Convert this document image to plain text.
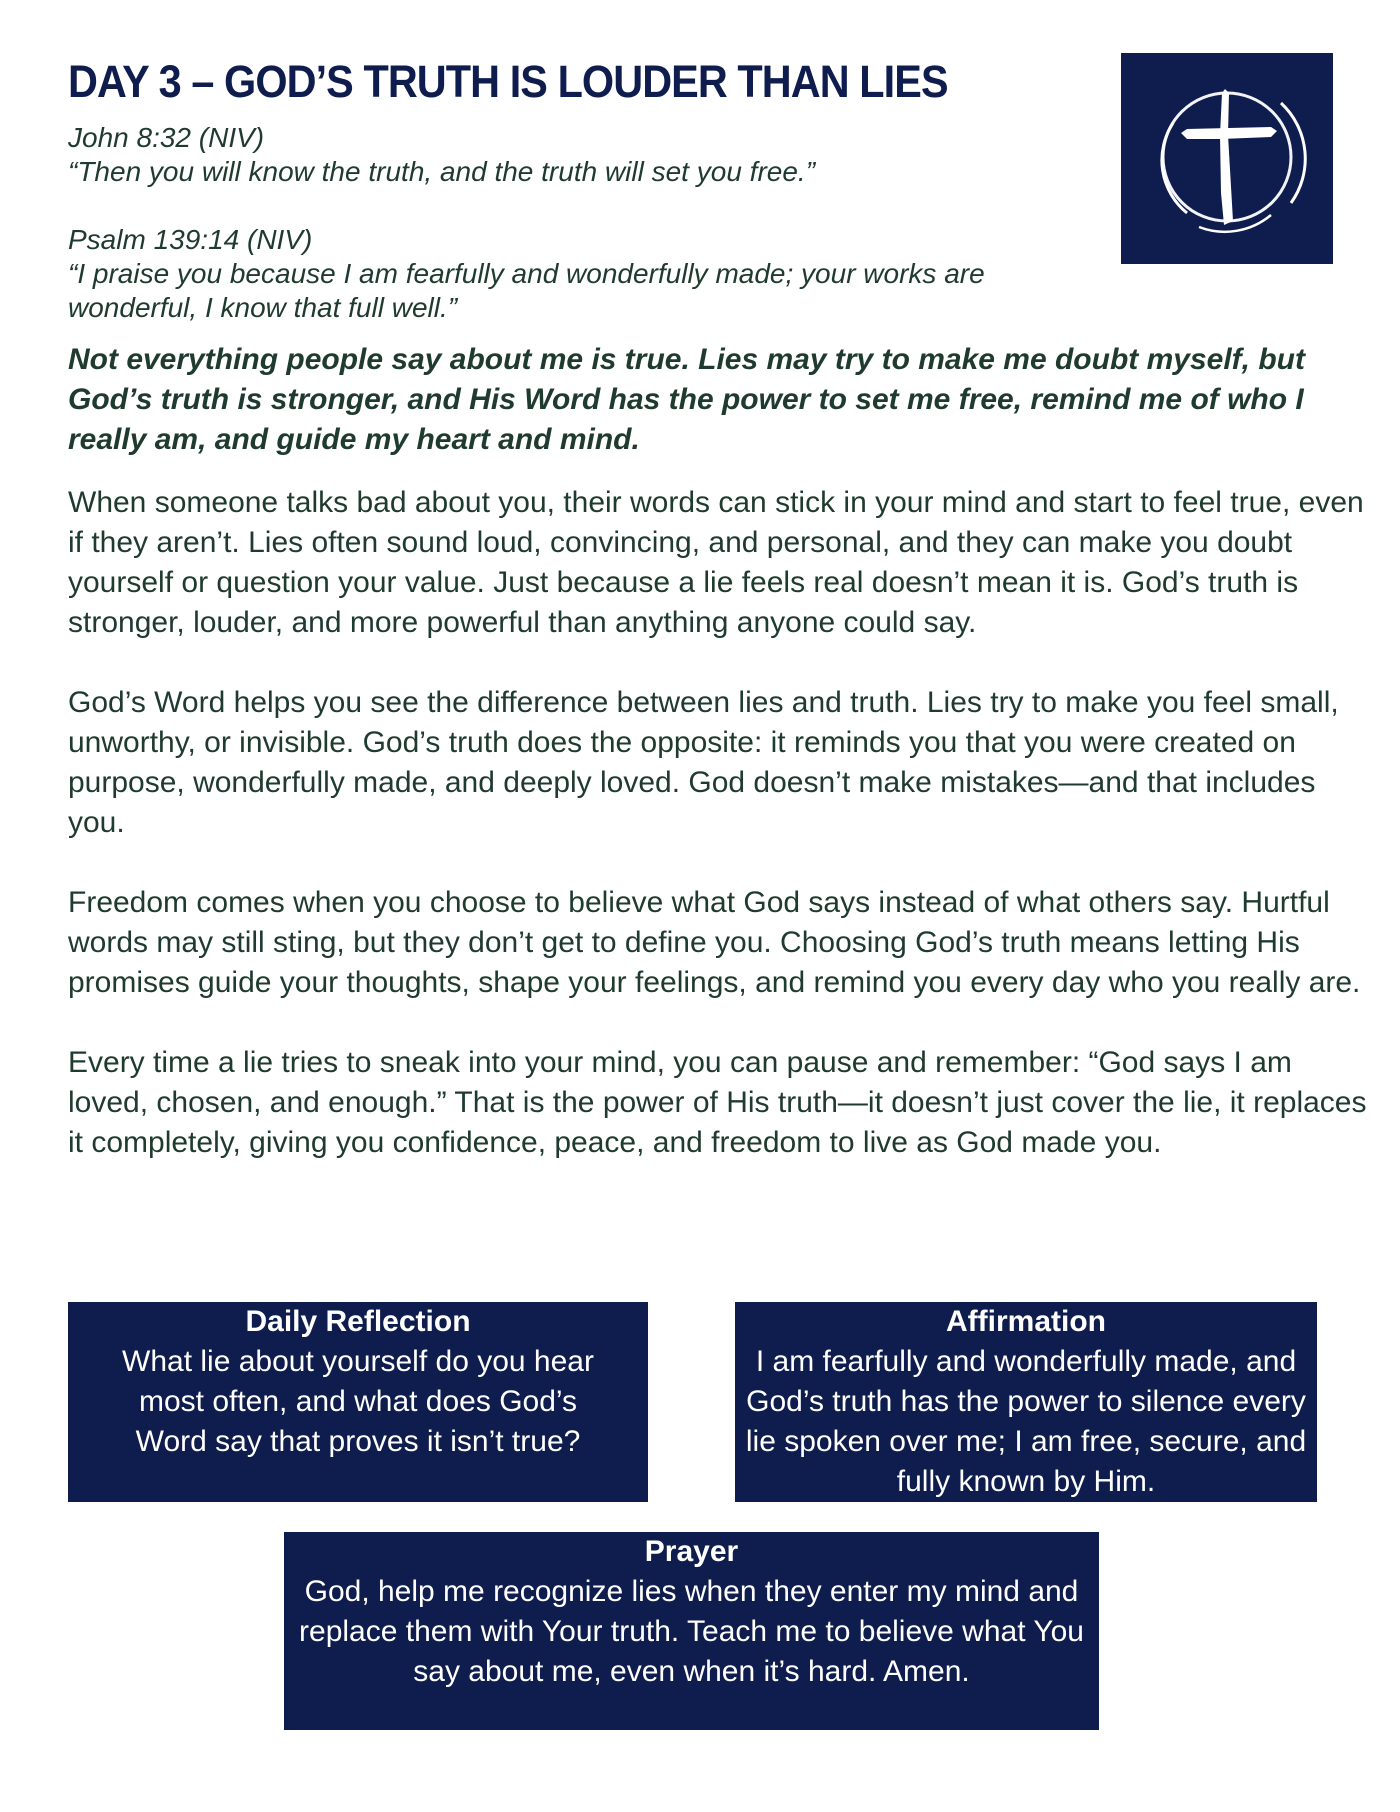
DAY 3 – GOD’S TRUTH IS LOUDER THAN LIES
John 8:32 (NIV)
“Then you will know the truth, and the truth will set you free.”
Psalm 139:14 (NIV)
“I praise you because I am fearfully and wonderfully made; your works are wonderful, I know that full well.”
Not everything people say about me is true. Lies may try to make me doubt myself, but God’s truth is stronger, and His Word has the power to set me free, remind me of who I really am, and guide my heart and mind.

When someone talks bad about you, their words can stick in your mind and start to feel true, even if they aren’t. Lies often sound loud, convincing, and personal, and they can make you doubt yourself or question your value. Just because a lie feels real doesn’t mean it is. God’s truth is stronger, louder, and more powerful than anything anyone could say.

God’s Word helps you see the difference between lies and truth. Lies try to make you feel small, unworthy, or invisible. God’s truth does the opposite: it reminds you that you were created on purpose, wonderfully made, and deeply loved. God doesn’t make mistakes—and that includes you.

Freedom comes when you choose to believe what God says instead of what others say. Hurtful words may still sting, but they don’t get to define you. Choosing God’s truth means letting His promises guide your thoughts, shape your feelings, and remind you every day who you really are.

Every time a lie tries to sneak into your mind, you can pause and remember: “God says I am loved, chosen, and enough.” That is the power of His truth—it doesn’t just cover the lie, it replaces it completely, giving you confidence, peace, and freedom to live as God made you.

Daily Reflection
What lie about yourself do you hear most often, and what does God’s Word say that proves it isn’t true?
Affirmation
I am fearfully and wonderfully made, and God’s truth has the power to silence every lie spoken over me; I am free, secure, and fully known by Him.
Prayer
God, help me recognize lies when they enter my mind and replace them with Your truth. Teach me to believe what You say about me, even when it’s hard. Amen.
